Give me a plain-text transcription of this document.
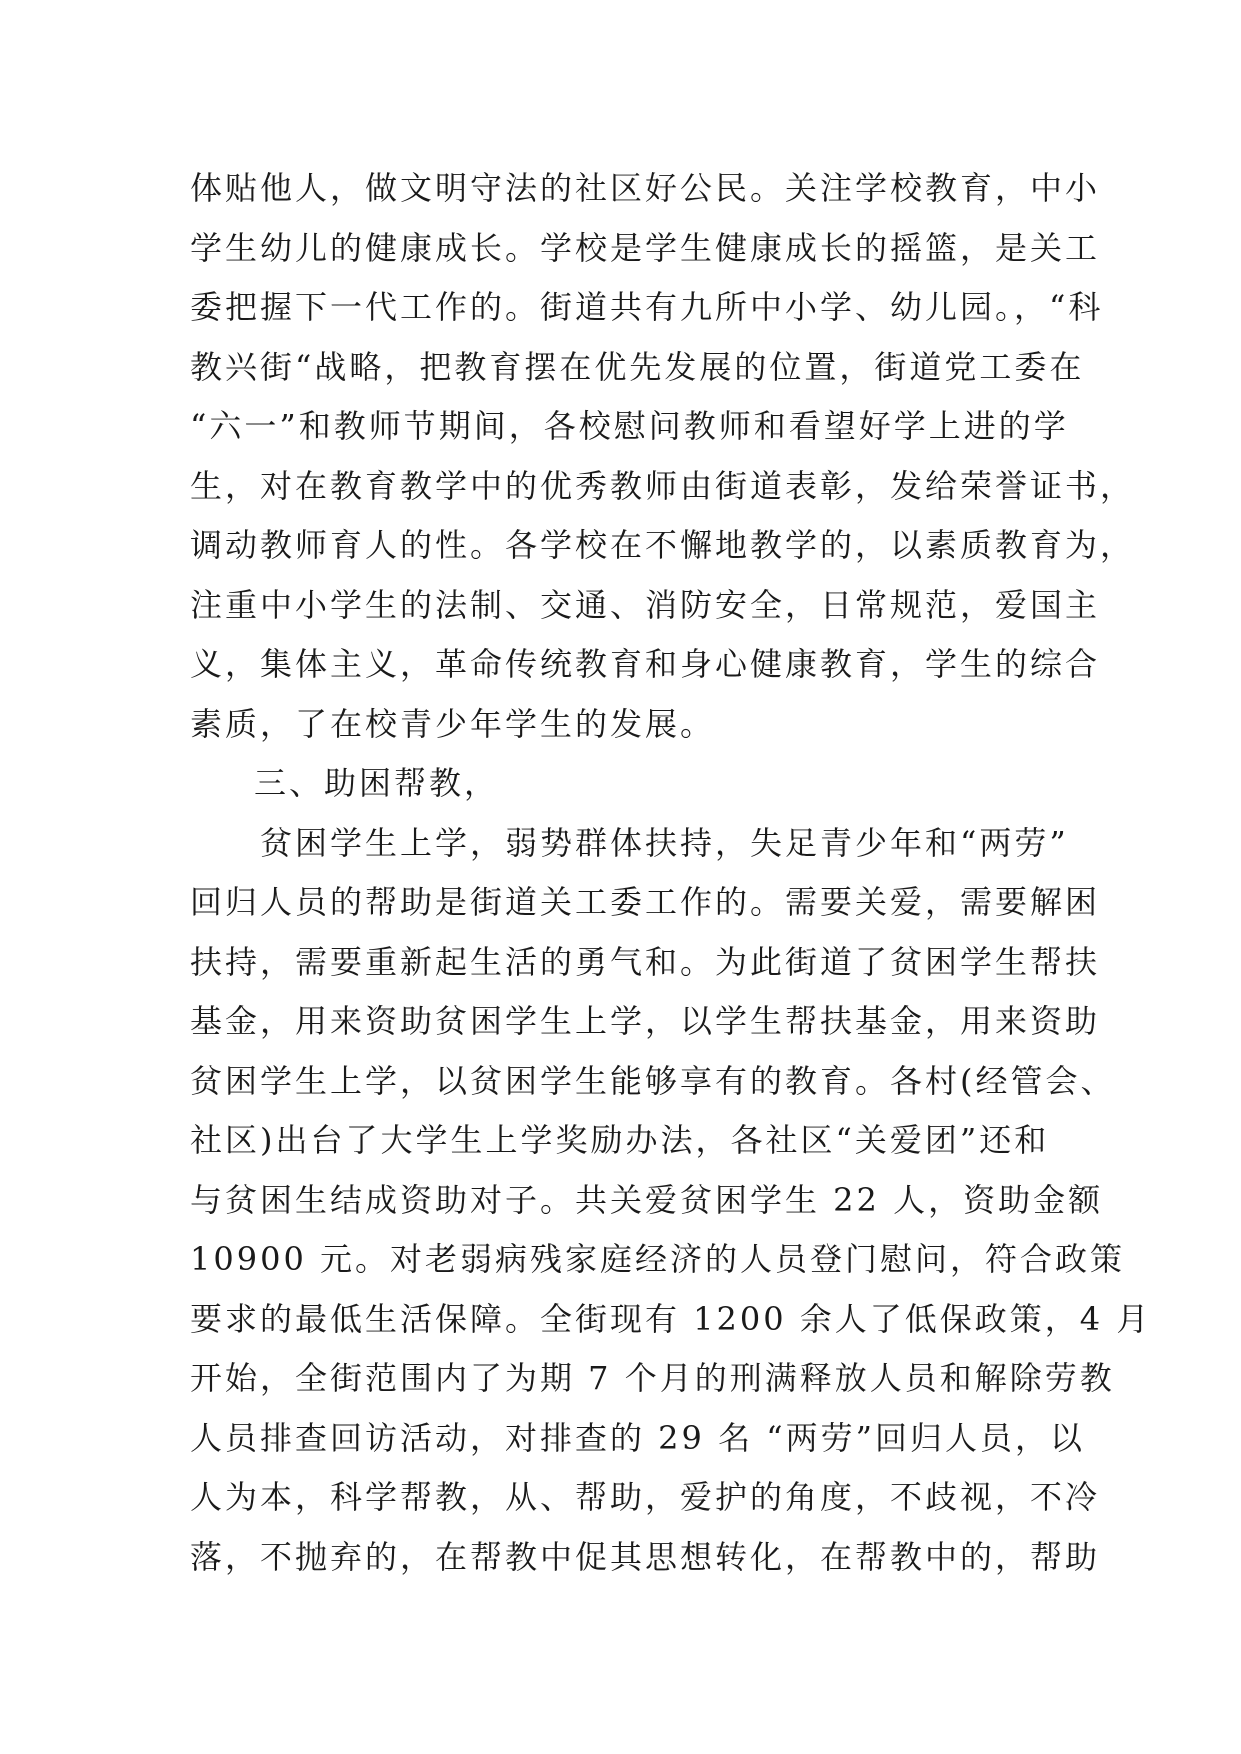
体贴他人，做文明守法的社区好公民。关注学校教育，中小
学生幼儿的健康成长。学校是学生健康成长的摇篮，是关工
委把握下一代工作的。街道共有九所中小学、幼儿园。，“科
教兴街“战略，把教育摆在优先发展的位置，街道党工委在
“六一”和教师节期间，各校慰问教师和看望好学上进的学
生，对在教育教学中的优秀教师由街道表彰，发给荣誉证书，
调动教师育人的性。各学校在不懈地教学的，以素质教育为，
注重中小学生的法制、交通、消防安全，日常规范，爱国主
义，集体主义，革命传统教育和身心健康教育，学生的综合
素质，了在校青少年学生的发展。
三、助困帮教，
　　贫困学生上学，弱势群体扶持，失足青少年和“两劳”
回归人员的帮助是街道关工委工作的。需要关爱，需要解困
扶持，需要重新起生活的勇气和。为此街道了贫困学生帮扶
基金，用来资助贫困学生上学，以学生帮扶基金，用来资助
贫困学生上学，以贫困学生能够享有的教育。各村(经管会、
社区)出台了大学生上学奖励办法，各社区“关爱团”还和
与贫困生结成资助对子。共关爱贫困学生 22 人，资助金额
10900 元。对老弱病残家庭经济的人员登门慰问，符合政策
要求的最低生活保障。全街现有 1200 余人了低保政策，4 月
开始，全街范围内了为期 7 个月的刑满释放人员和解除劳教
人员排查回访活动，对排查的 29 名 “两劳”回归人员，以
人为本，科学帮教，从、帮助，爱护的角度，不歧视，不冷
落，不抛弃的，在帮教中促其思想转化，在帮教中的，帮助
